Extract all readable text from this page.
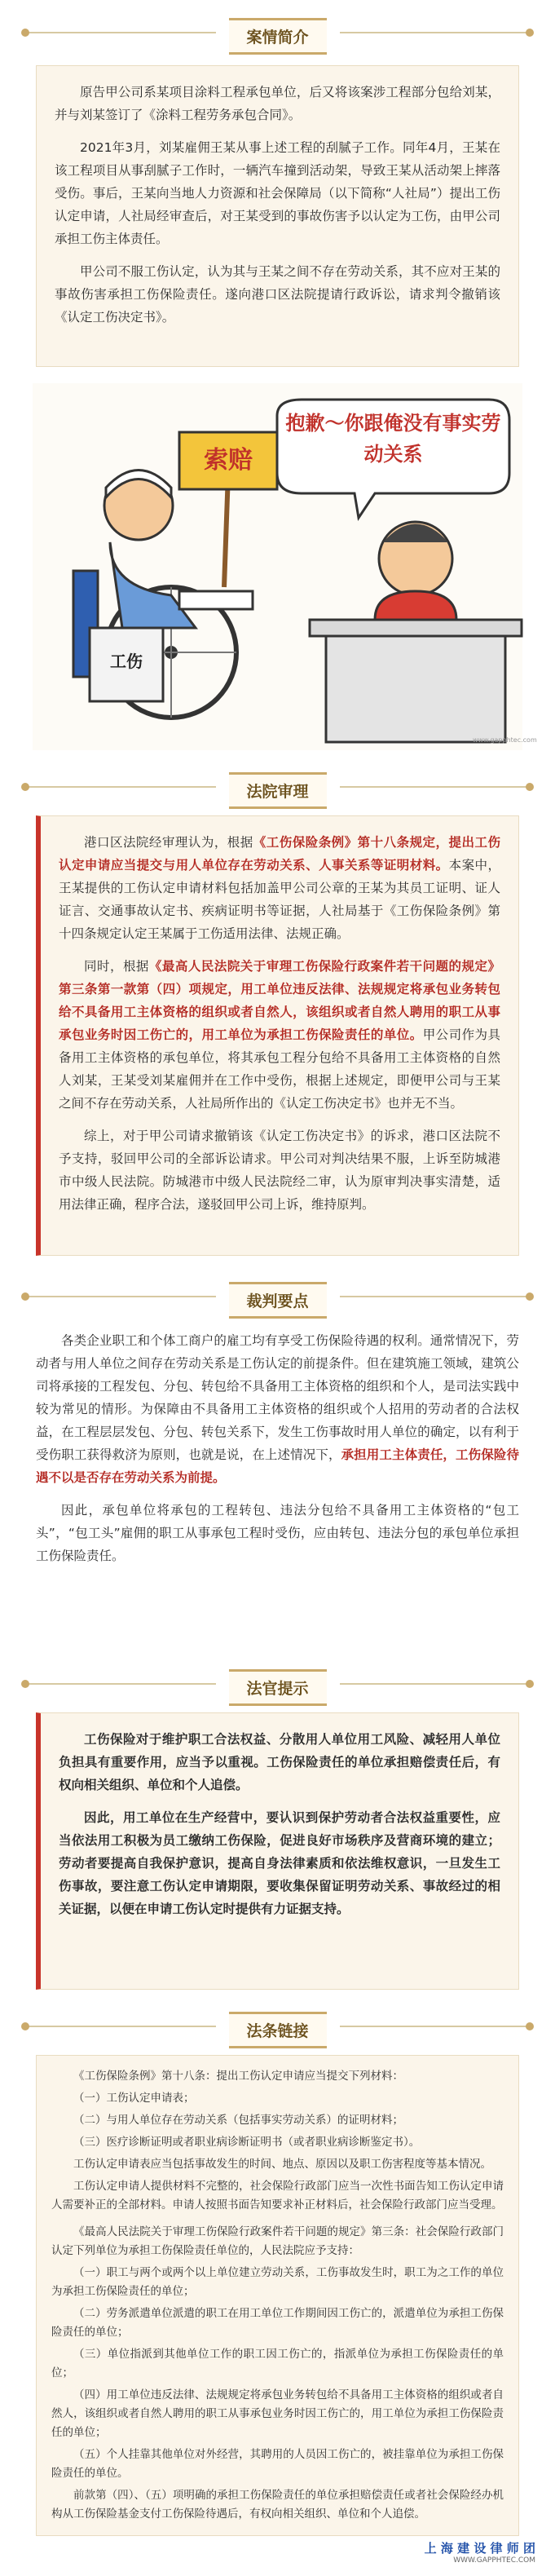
案情简介

原告甲公司系某项目涂料工程承包单位，后又将该案涉工程部分包给刘某，并与刘某签订了《涂料工程劳务承包合同》。

2021年3月，刘某雇佣王某从事上述工程的刮腻子工作。同年4月，王某在该工程项目从事刮腻子工作时，一辆汽车撞到活动架，导致王某从活动架上摔落受伤。事后，王某向当地人力资源和社会保障局（以下简称“人社局”）提出工伤认定申请，人社局经审查后，对王某受到的事故伤害予以认定为工伤，由甲公司承担工伤主体责任。

甲公司不服工伤认定，认为其与王某之间不存在劳动关系，其不应对王某的事故伤害承担工伤保险责任。遂向港口区法院提请行政诉讼，请求判令撤销该《认定工伤决定书》。

抱歉～你跟俺没有事实劳动关系
工伤
索赔
www.gapphtec.com
法院审理

港口区法院经审理认为，根据《工伤保险条例》第十八条规定，提出工伤认定申请应当提交与用人单位存在劳动关系、人事关系等证明材料。本案中，王某提供的工伤认定申请材料包括加盖甲公司公章的王某为其员工证明、证人证言、交通事故认定书、疾病证明书等证据，人社局基于《工伤保险条例》第十四条规定认定王某属于工伤适用法律、法规正确。

同时，根据《最高人民法院关于审理工伤保险行政案件若干问题的规定》第三条第一款第（四）项规定，用工单位违反法律、法规规定将承包业务转包给不具备用工主体资格的组织或者自然人，该组织或者自然人聘用的职工从事承包业务时因工伤亡的，用工单位为承担工伤保险责任的单位。甲公司作为具备用工主体资格的承包单位，将其承包工程分包给不具备用工主体资格的自然人刘某，王某受刘某雇佣并在工作中受伤，根据上述规定，即便甲公司与王某之间不存在劳动关系，人社局所作出的《认定工伤决定书》也并无不当。

综上，对于甲公司请求撤销该《认定工伤决定书》的诉求，港口区法院不予支持，驳回甲公司的全部诉讼请求。甲公司对判决结果不服，上诉至防城港市中级人民法院。防城港市中级人民法院经二审，认为原审判决事实清楚，适用法律正确，程序合法，遂驳回甲公司上诉，维持原判。

裁判要点

各类企业职工和个体工商户的雇工均有享受工伤保险待遇的权利。通常情况下，劳动者与用人单位之间存在劳动关系是工伤认定的前提条件。但在建筑施工领域，建筑公司将承接的工程发包、分包、转包给不具备用工主体资格的组织和个人，是司法实践中较为常见的情形。为保障由不具备用工主体资格的组织或个人招用的劳动者的合法权益，在工程层层发包、分包、转包关系下，发生工伤事故时用人单位的确定，以有利于受伤职工获得救济为原则，也就是说，在上述情况下，承担用工主体责任，工伤保险待遇不以是否存在劳动关系为前提。

因此，承包单位将承包的工程转包、违法分包给不具备用工主体资格的“包工头”，“包工头”雇佣的职工从事承包工程时受伤，应由转包、违法分包的承包单位承担工伤保险责任。

法官提示

工伤保险对于维护职工合法权益、分散用人单位用工风险、减轻用人单位负担具有重要作用，应当予以重视。工伤保险责任的单位承担赔偿责任后，有权向相关组织、单位和个人追偿。

因此，用工单位在生产经营中，要认识到保护劳动者合法权益重要性，应当依法用工积极为员工缴纳工伤保险，促进良好市场秩序及营商环境的建立；劳动者要提高自我保护意识，提高自身法律素质和依法维权意识，一旦发生工伤事故，要注意工伤认定申请期限，要收集保留证明劳动关系、事故经过的相关证据，以便在申请工伤认定时提供有力证据支持。

法条链接

《工伤保险条例》第十八条：提出工伤认定申请应当提交下列材料：

（一）工伤认定申请表；

（二）与用人单位存在劳动关系（包括事实劳动关系）的证明材料；

（三）医疗诊断证明或者职业病诊断证明书（或者职业病诊断鉴定书）。

工伤认定申请表应当包括事故发生的时间、地点、原因以及职工伤害程度等基本情况。

工伤认定申请人提供材料不完整的，社会保险行政部门应当一次性书面告知工伤认定申请人需要补正的全部材料。申请人按照书面告知要求补正材料后，社会保险行政部门应当受理。

《最高人民法院关于审理工伤保险行政案件若干问题的规定》第三条：社会保险行政部门认定下列单位为承担工伤保险责任单位的，人民法院应予支持：

（一）职工与两个或两个以上单位建立劳动关系，工伤事故发生时，职工为之工作的单位为承担工伤保险责任的单位；

（二）劳务派遣单位派遣的职工在用工单位工作期间因工伤亡的，派遣单位为承担工伤保险责任的单位；

（三）单位指派到其他单位工作的职工因工伤亡的，指派单位为承担工伤保险责任的单位；

（四）用工单位违反法律、法规规定将承包业务转包给不具备用工主体资格的组织或者自然人，该组织或者自然人聘用的职工从事承包业务时因工伤亡的，用工单位为承担工伤保险责任的单位；

（五）个人挂靠其他单位对外经营，其聘用的人员因工伤亡的，被挂靠单位为承担工伤保险责任的单位。

前款第（四）、（五）项明确的承担工伤保险责任的单位承担赔偿责任或者社会保险经办机构从工伤保险基金支付工伤保险待遇后，有权向相关组织、单位和个人追偿。

上 海 建 设 律 师 团
WWW.GAPPHTEC.COM
